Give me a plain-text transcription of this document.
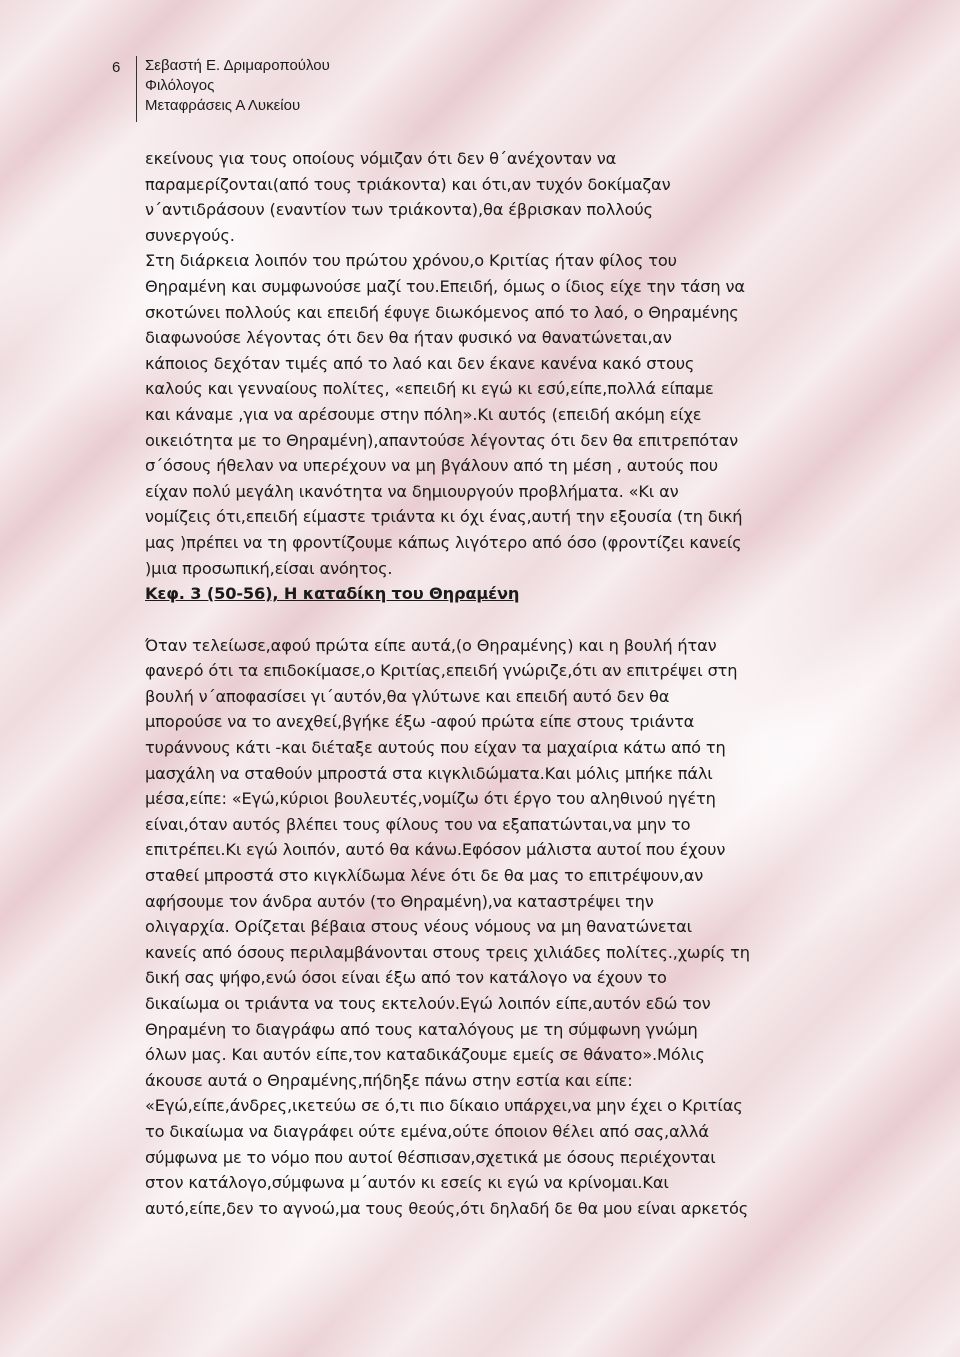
6	Σεβαστή Ε. Δριμαροπούλου
Φιλόλογος
Μεταφράσεις Α Λυκείου
εκείνους για τους οποίους νόμιζαν ότι δεν θ΄ανέχονταν να
παραμερίζονται(από τους τριάκοντα) και ότι,αν τυχόν δοκίμαζαν
ν΄αντιδράσουν (εναντίον των τριάκοντα),θα έβρισκαν πολλούς
συνεργούς.
Στη διάρκεια λοιπόν του πρώτου χρόνου,ο Κριτίας ήταν φίλος του
Θηραμένη και συμφωνούσε μαζί του.Επειδή, όμως ο ίδιος είχε την τάση να
σκοτώνει πολλούς και επειδή έφυγε διωκόμενος από το λαό, ο Θηραμένης
διαφωνούσε λέγοντας ότι δεν θα ήταν φυσικό να θανατώνεται,αν
κάποιος δεχόταν τιμές από το λαό και δεν έκανε κανένα κακό στους
καλούς και γενναίους πολίτες, «επειδή κι εγώ κι εσύ,είπε,πολλά είπαμε
και κάναμε ,για να αρέσουμε στην πόλη».Κι αυτός (επειδή ακόμη είχε
οικειότητα με το Θηραμένη),απαντούσε λέγοντας ότι δεν θα επιτρεπόταν
σ΄όσους ήθελαν να υπερέχουν να μη βγάλουν από τη μέση , αυτούς που
είχαν πολύ μεγάλη ικανότητα να δημιουργούν προβλήματα. «Κι αν
νομίζεις ότι,επειδή είμαστε τριάντα κι όχι ένας,αυτή την εξουσία (τη δική
μας )πρέπει να τη φροντίζουμε κάπως λιγότερο από όσο (φροντίζει κανείς
)μια προσωπική,είσαι ανόητος.
Κεφ. 3 (50-56), Η καταδίκη του Θηραμένη
Όταν τελείωσε,αφού πρώτα είπε αυτά,(ο Θηραμένης) και η βουλή ήταν
φανερό ότι τα επιδοκίμασε,ο Κριτίας,επειδή γνώριζε,ότι αν επιτρέψει στη
βουλή ν΄αποφασίσει γι΄αυτόν,θα γλύτωνε και επειδή αυτό δεν θα
μπορούσε να το ανεχθεί,βγήκε έξω -αφού πρώτα είπε στους τριάντα
τυράννους κάτι -και διέταξε αυτούς που είχαν τα μαχαίρια κάτω από τη
μασχάλη να σταθούν μπροστά στα κιγκλιδώματα.Και μόλις μπήκε πάλι
μέσα,είπε: «Εγώ,κύριοι βουλευτές,νομίζω ότι έργο του αληθινού ηγέτη
είναι,όταν αυτός βλέπει τους φίλους του να εξαπατώνται,να μην το
επιτρέπει.Κι εγώ λοιπόν, αυτό θα κάνω.Εφόσον μάλιστα αυτοί που έχουν
σταθεί μπροστά στο κιγκλίδωμα λένε ότι δε θα μας το επιτρέψουν,αν
αφήσουμε τον άνδρα αυτόν (το Θηραμένη),να καταστρέψει την
ολιγαρχία. Ορίζεται βέβαια στους νέους νόμους να μη θανατώνεται
κανείς από όσους περιλαμβάνονται στους τρεις χιλιάδες πολίτες.,χωρίς τη
δική σας ψήφο,ενώ όσοι είναι έξω από τον κατάλογο να έχουν το
δικαίωμα οι τριάντα να τους εκτελούν.Εγώ λοιπόν είπε,αυτόν εδώ τον
Θηραμένη το διαγράφω από τους καταλόγους με τη σύμφωνη γνώμη
όλων μας. Και αυτόν είπε,τον καταδικάζουμε εμείς σε θάνατο».Μόλις
άκουσε αυτά ο Θηραμένης,πήδηξε πάνω στην εστία και είπε:
«Εγώ,είπε,άνδρες,ικετεύω σε ό,τι πιο δίκαιο υπάρχει,να μην έχει ο Κριτίας
το δικαίωμα να διαγράφει ούτε εμένα,ούτε όποιον θέλει από σας,αλλά
σύμφωνα με το νόμο που αυτοί θέσπισαν,σχετικά με όσους περιέχονται
στον κατάλογο,σύμφωνα μ΄αυτόν κι εσείς κι εγώ να κρίνομαι.Και
αυτό,είπε,δεν το αγνοώ,μα τους θεούς,ότι δηλαδή δε θα μου είναι αρκετός
